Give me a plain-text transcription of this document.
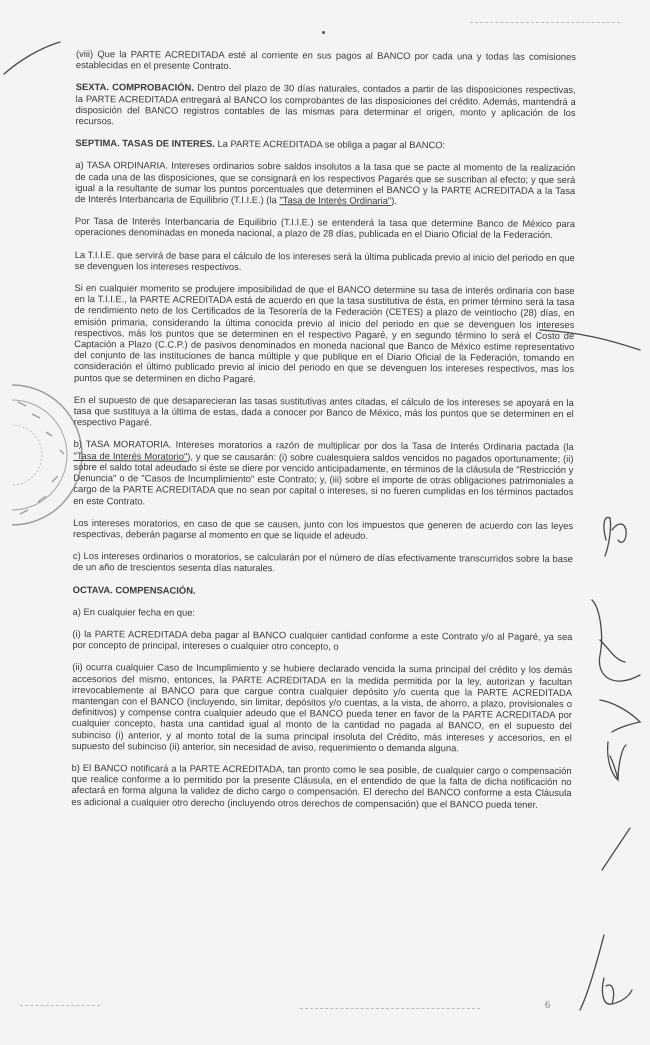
(viii) Que la PARTE ACREDITADA esté al corriente en sus pagos al BANCO por cada una y todas las comisiones establecidas en el presente Contrato.

SEXTA. COMPROBACIÓN. Dentro del plazo de 30 días naturales, contados a partir de las disposiciones respectivas, la PARTE ACREDITADA entregará al BANCO los comprobantes de las disposiciones del crédito. Además, mantendrá a disposición del BANCO registros contables de las mismas para determinar el origen, monto y aplicación de los recursos.

SEPTIMA. TASAS DE INTERES. La PARTE ACREDITADA se obliga a pagar al BANCO:

a) TASA ORDINARIA. Intereses ordinarios sobre saldos insolutos a la tasa que se pacte al momento de la realización de cada una de las disposiciones, que se consignará en los respectivos Pagarés que se suscriban al efecto; y que será igual a la resultante de sumar los puntos porcentuales que determinen el BANCO y la PARTE ACREDITADA a la Tasa de Interés Interbancaria de Equilibrio (T.I.I.E.) (la "Tasa de Interés Ordinaria").

Por Tasa de Interés Interbancaria de Equilibrio (T.I.I.E.) se entenderá la tasa que determine Banco de México para operaciones denominadas en moneda nacional, a plazo de 28 días, publicada en el Diario Oficial de la Federación.

La T.I.I.E. que servirá de base para el cálculo de los intereses será la última publicada previo al inicio del periodo en que se devenguen los intereses respectivos.

Si en cualquier momento se produjere imposibilidad de que el BANCO determine su tasa de interés ordinaria con base en la T.I.I.E., la PARTE ACREDITADA está de acuerdo en que la tasa sustitutiva de ésta, en primer término será la tasa de rendimiento neto de los Certificados de la Tesorería de la Federación (CETES) a plazo de veintiocho (28) días, en emisión primaria, considerando la última conocida previo al inicio del periodo en que se devenguen los intereses respectivos, más los puntos que se determinen en el respectivo Pagaré, y en segundo término lo será el Costo de Captación a Plazo (C.C.P.) de pasivos denominados en moneda nacional que Banco de México estime representativo del conjunto de las instituciones de banca múltiple y que publique en el Diario Oficial de la Federación, tomando en consideración el último publicado previo al inicio del periodo en que se devenguen los intereses respectivos, mas los puntos que se determinen en dicho Pagaré.

En el supuesto de que desaparecieran las tasas sustitutivas antes citadas, el cálculo de los intereses se apoyará en la tasa que sustituya a la última de estas, dada a conocer por Banco de México, más los puntos que se determinen en el respectivo Pagaré.

b) TASA MORATORIA. Intereses moratorios a razón de multiplicar por dos la Tasa de Interés Ordinaria pactada (la "Tasa de Interés Moratorio"), y que se causarán: (i) sobre cualesquiera saldos vencidos no pagados oportunamente; (ii) sobre el saldo total adeudado si éste se diere por vencido anticipadamente, en términos de la cláusula de "Restricción y Denuncia" o de "Casos de Incumplimiento" este Contrato; y, (iii) sobre el importe de otras obligaciones patrimoniales a cargo de la PARTE ACREDITADA que no sean por capital o intereses, si no fueren cumplidas en los términos pactados en este Contrato.

Los intereses moratorios, en caso de que se causen, junto con los impuestos que generen de acuerdo con las leyes respectivas, deberán pagarse al momento en que se liquide el adeudo.

c) Los intereses ordinarios o moratorios, se calcularán por el número de días efectivamente transcurridos sobre la base de un año de trescientos sesenta días naturales.

OCTAVA. COMPENSACIÓN.

a) En cualquier fecha en que:

(i) la PARTE ACREDITADA deba pagar al BANCO cualquier cantidad conforme a este Contrato y/o al Pagaré, ya sea por concepto de principal, intereses o cualquier otro concepto, o

(ii) ocurra cualquier Caso de Incumplimiento y se hubiere declarado vencida la suma principal del crédito y los demás accesorios del mismo, entonces, la PARTE ACREDITADA en la medida permitida por la ley, autorizan y facultan irrevocablemente al BANCO para que cargue contra cualquier depósito y/o cuenta que la PARTE ACREDITADA mantengan con el BANCO (incluyendo, sin limitar, depósitos y/o cuentas, a la vista, de ahorro, a plazo, provisionales o definitivos) y compense contra cualquier adeudo que el BANCO pueda tener en favor de la PARTE ACREDITADA por cualquier concepto, hasta una cantidad igual al monto de la cantidad no pagada al BANCO, en el supuesto del subinciso (i) anterior, y al monto total de la suma principal insoluta del Crédito, más intereses y accesorios, en el supuesto del subinciso (ii) anterior, sin necesidad de aviso, requerimiento o demanda alguna.

b) El BANCO notificará a la PARTE ACREDITADA, tan pronto como le sea posible, de cualquier cargo o compensación que realice conforme a lo permitido por la presente Cláusula, en el entendido de que la falta de dicha notificación no afectará en forma alguna la validez de dicho cargo o compensación. El derecho del BANCO conforme a esta Cláusula es adicional a cualquier otro derecho (incluyendo otros derechos de compensación) que el BANCO pueda tener.

6
